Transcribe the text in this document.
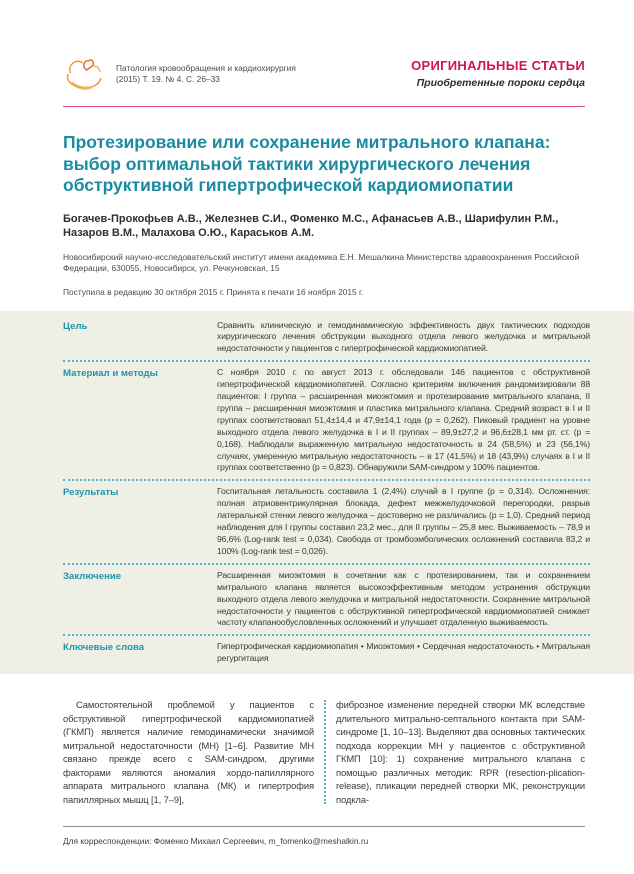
Патология кровообращения и кардиохирургия
(2015) Т. 19. № 4. С. 26–33
ОРИГИНАЛЬНЫЕ СТАТЬИ
Приобретенные пороки сердца
Протезирование или сохранение митрального клапана: выбор оптимальной тактики хирургического лечения обструктивной гипертрофической кардиомиопатии
Богачев-Прокофьев А.В., Железнев С.И., Фоменко М.С., Афанасьев А.В., Шарифулин Р.М., Назаров В.М., Малахова О.Ю., Караськов А.М.
Новосибирский научно-исследовательский институт имени академика Е.Н. Мешалкина Министерства здравоохранения Российской Федерации, 630055, Новосибирск, ул. Речкуновская, 15
Поступила в редакцию 30 октября 2015 г. Принята к печати 16 ноября 2015 г.
Цель	Сравнить клиническую и гемодинамическую эффективность двух тактических подходов хирургического лечения обструкции выходного отдела левого желудочка и митральной недостаточности у пациентов с гипертрофической кардиомиопатией.
Материал и методы	С ноября 2010 г. по август 2013 г. обследовали 146 пациентов с обструктивной гипертрофической кардиомиопатией. Согласно критериям включения рандомизировали 88 пациентов: I группа – расширенная миоэктомия и протезирование митрального клапана, II группа – расширенная миоэктомия и пластика митрального клапана. Средний возраст в I и II группах соответствовал 51,4±14,4 и 47,9±14,1 года (p = 0,262). Пиковый градиент на уровне выходного отдела левого желудочка в I и II группах – 89,9±27,2 и 96,6±28,1 мм рт. ст. (p = 0,168). Наблюдали выраженную митральную недостаточность в 24 (58,5%) и 23 (56,1%) случаях, умеренную митральную недостаточность – в 17 (41,5%) и 18 (43,9%) случаях в I и II группах соответственно (p = 0,823). Обнаружили SAM-синдром у 100% пациентов.
Результаты	Госпитальная летальность составила 1 (2,4%) случай в I группе (p = 0,314). Осложнения: полная атриовентрикулярная блокада, дефект межжелудочковой перегородки, разрыв латеральной стенки левого желудочка – достоверно не различались (p = 1,0). Средний период наблюдения для I группы составил 23,2 мес., для II группы – 25,8 мес. Выживаемость – 78,9 и 96,6% (Log-rank test = 0,034). Свобода от тромбоэмболических осложнений составила 83,2 и 100% (Log-rank test = 0,026).
Заключение	Расширенная миоэктомия в сочетании как с протезированием, так и сохранением митрального клапана является высокоэффективным методом устранения обструкции выходного отдела левого желудочка и митральной недостаточности. Сохранение митральной недостаточности у пациентов с обструктивной гипертрофической кардиомиопатией снижает частоту клапанообусловленных осложнений и улучшает отдаленную выживаемость.
Ключевые слова	Гипертрофическая кардиомиопатия • Миоэктомия • Сердечная недостаточность • Митральная регургитация
Самостоятельной проблемой у пациентов с обструктивной гипертрофической кардиомиопатией (ГКМП) является наличие гемодинамически значимой митральной недостаточности (МН) [1–6]. Развитие МН связано прежде всего с SAM-синдром, другими факторами являются аномалия хордо-папиллярного аппарата митрального клапана (МК) и гипертрофия папиллярных мышц [1, 7–9],
фиброзное изменение передней створки МК вследствие длительного митрально-септального контакта при SAM-синдроме [1, 10–13]. Выделяют два основных тактических подхода коррекции МН у пациентов с обструктивной ГКМП [10]: 1) сохранение митрального клапана с помощью различных методик: RPR (resection-plication-release), пликации передней створки МК, реконструкции подкла-
Для корреспонденции: Фоменко Михаил Сергеевич, m_fomenko@meshalkin.ru
